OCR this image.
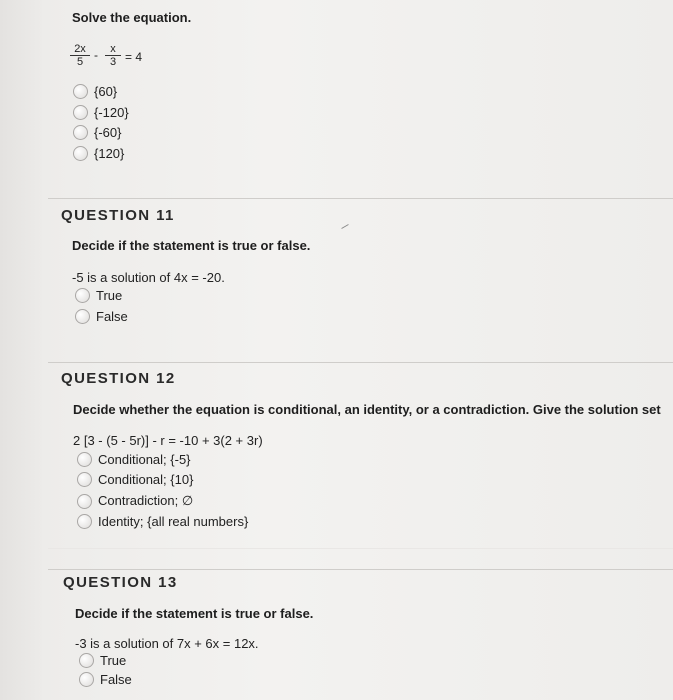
Solve the equation.
$\frac{2x}{5} - \frac{x}{3} = 4$
{60}
{-120}
{-60}
{120}
QUESTION 11
Decide if the statement is true or false.
-5 is a solution of 4x = -20.
True
False
QUESTION 12
Decide whether the equation is conditional, an identity, or a contradiction. Give the solution set
2 [3 - (5 - 5r)] - r = -10 + 3(2 + 3r)
Conditional; {-5}
Conditional; {10}
Contradiction; ∅
Identity; {all real numbers}
QUESTION 13
Decide if the statement is true or false.
-3 is a solution of 7x + 6x = 12x.
True
False
